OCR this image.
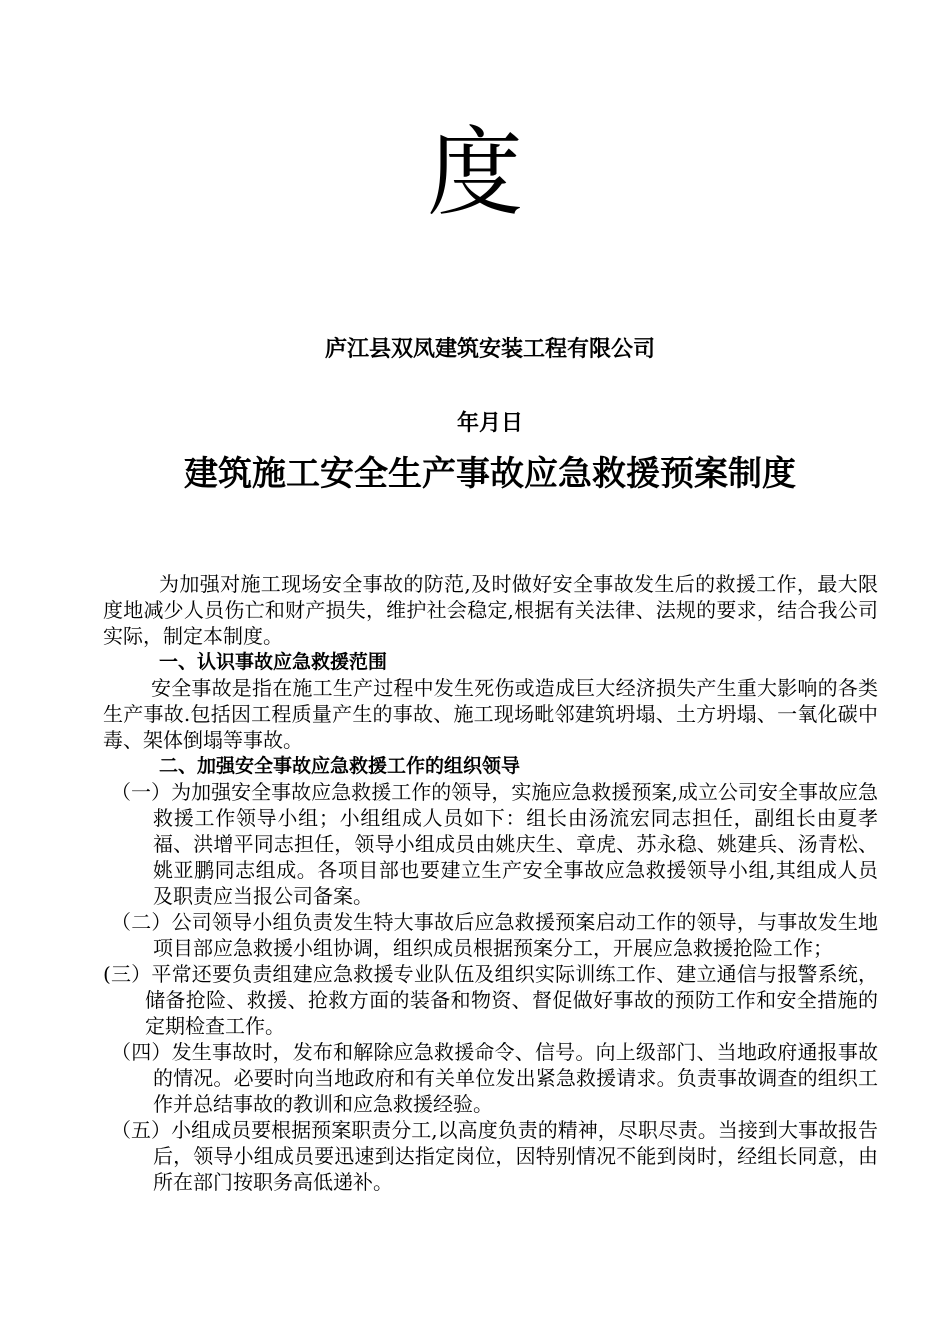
度
庐江县双凤建筑安装工程有限公司
年月日
建筑施工安全生产事故应急救援预案制度

为加强对施工现场安全事故的防范,及时做好安全事故发生后的救援工作，最大限度地减少人员伤亡和财产损失，维护社会稳定,根据有关法律、法规的要求，结合我公司实际，制定本制度。

一、认识事故应急救援范围

安全事故是指在施工生产过程中发生死伤或造成巨大经济损失产生重大影响的各类生产事故.包括因工程质量产生的事故、施工现场毗邻建筑坍塌、土方坍塌、一氧化碳中毒、架体倒塌等事故。

二、加强安全事故应急救援工作的组织领导

（一）为加强安全事故应急救援工作的领导，实施应急救援预案,成立公司安全事故应急救援工作领导小组；小组组成人员如下：组长由汤流宏同志担任，副组长由夏孝福、洪增平同志担任，领导小组成员由姚庆生、章虎、苏永稳、姚建兵、汤青松、姚亚鹏同志组成。各项目部也要建立生产安全事故应急救援领导小组,其组成人员及职责应当报公司备案。

（二）公司领导小组负责发生特大事故后应急救援预案启动工作的领导，与事故发生地项目部应急救援小组协调，组织成员根据预案分工，开展应急救援抢险工作；

(三）平常还要负责组建应急救援专业队伍及组织实际训练工作、建立通信与报警系统，储备抢险、救援、抢救方面的装备和物资、督促做好事故的预防工作和安全措施的定期检查工作。

（四）发生事故时，发布和解除应急救援命令、信号。向上级部门、当地政府通报事故的情况。必要时向当地政府和有关单位发出紧急救援请求。负责事故调查的组织工作并总结事故的教训和应急救援经验。

（五）小组成员要根据预案职责分工,以高度负责的精神，尽职尽责。当接到大事故报告后，领导小组成员要迅速到达指定岗位，因特别情况不能到岗时，经组长同意，由所在部门按职务高低递补。
